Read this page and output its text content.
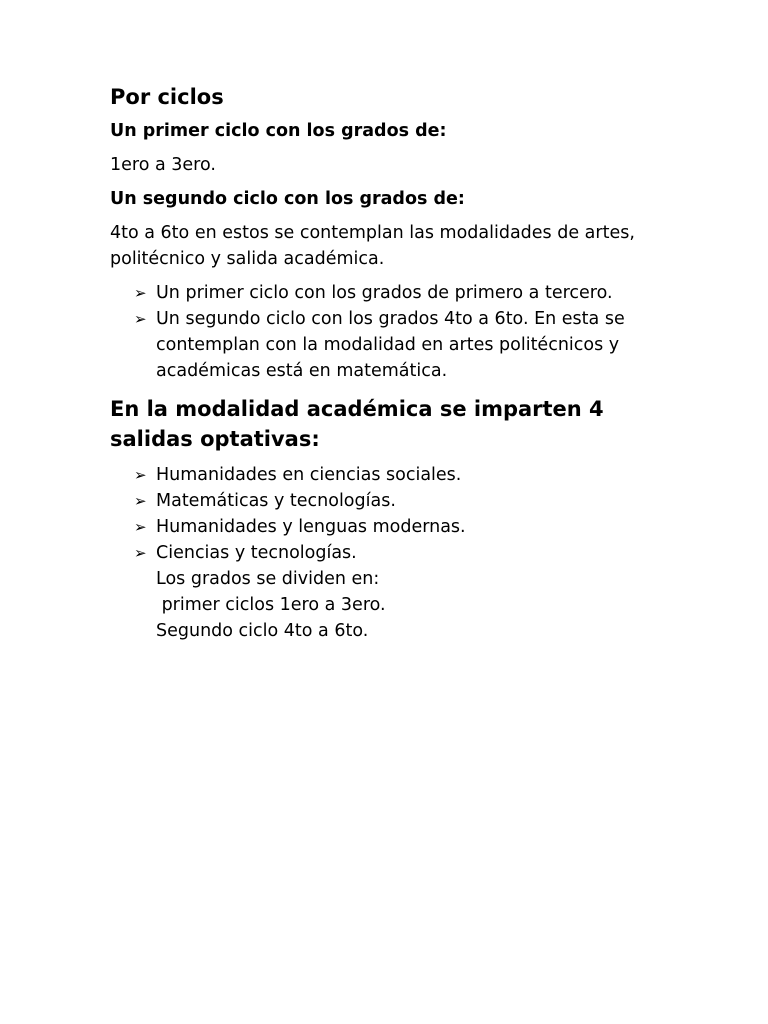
Por ciclos
Un primer ciclo con los grados de:
1ero a 3ero.
Un segundo ciclo con los grados de:
4to a 6to en estos se contemplan las modalidades de artes, politécnico y salida académica.
➢ Un primer ciclo con los grados de primero a tercero.
➢ Un segundo ciclo con los grados 4to a 6to. En esta se contemplan con la modalidad en artes politécnicos y académicas está en matemática.
En la modalidad académica se imparten 4 salidas optativas:
➢ Humanidades en ciencias sociales.
➢ Matemáticas y tecnologías.
➢ Humanidades y lenguas modernas.
➢ Ciencias y tecnologías.
Los grados se dividen en:
primer ciclos 1ero a 3ero.
Segundo ciclo 4to a 6to.
